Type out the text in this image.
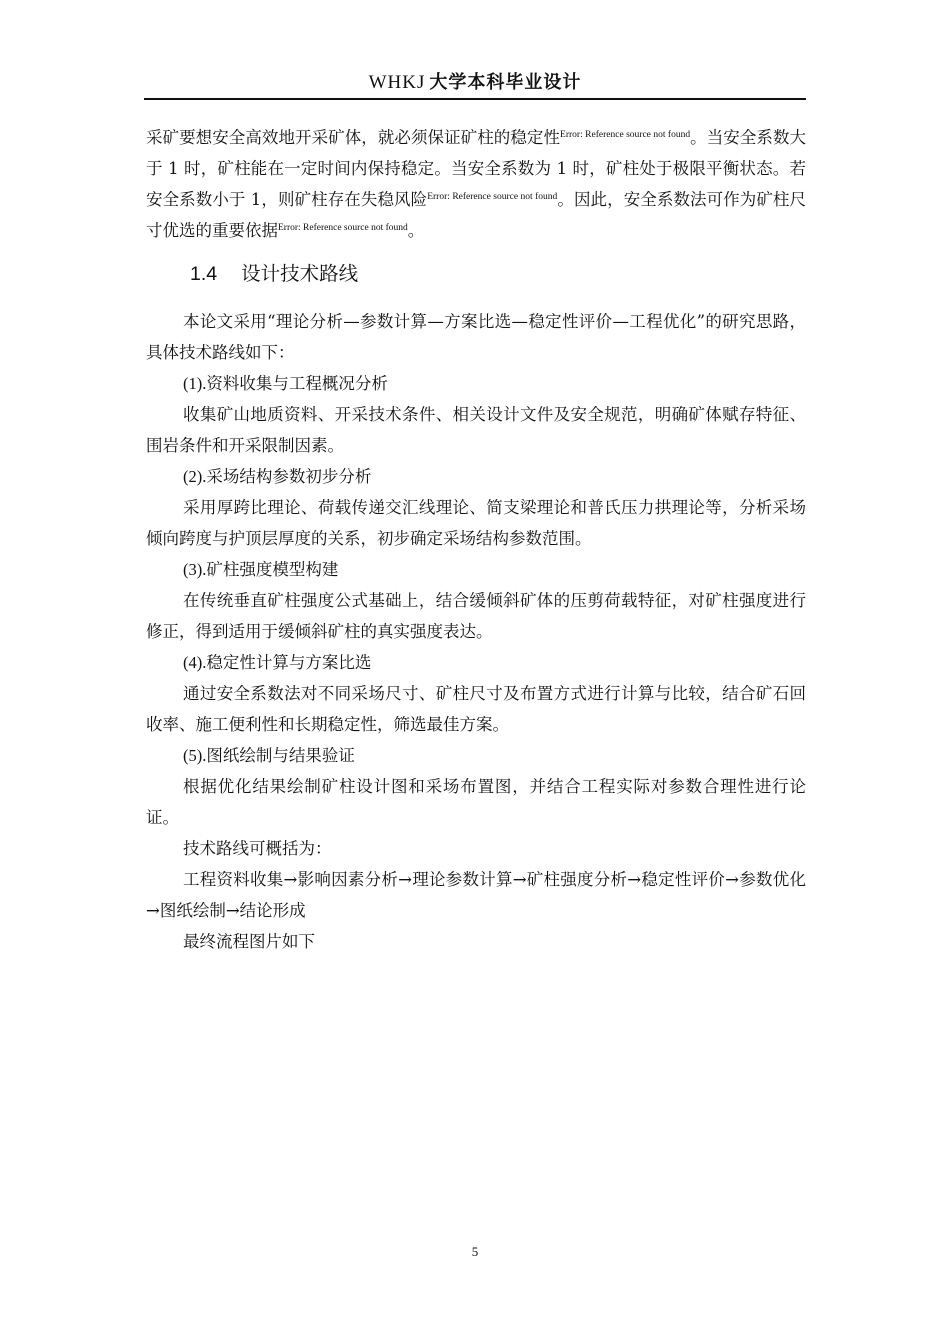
WHKJ 大学本科毕业设计

采矿要想安全高效地开采矿体，就必须保证矿柱的稳定性$^{Error: Reference source not found}$。当安全系数大于 1 时，矿柱能在一定时间内保持稳定。当安全系数为 1 时，矿柱处于极限平衡状态。若安全系数小于 1，则矿柱存在失稳风险$^{Error: Reference source not found}$。因此，安全系数法可作为矿柱尺寸优选的重要依据$^{Error: Reference source not found}$。

1.4 设计技术路线

本论文采用“理论分析—参数计算—方案比选—稳定性评价—工程优化”的研究思路，具体技术路线如下：

(1).资料收集与工程概况分析

收集矿山地质资料、开采技术条件、相关设计文件及安全规范，明确矿体赋存特征、围岩条件和开采限制因素。

(2).采场结构参数初步分析

采用厚跨比理论、荷载传递交汇线理论、简支梁理论和普氏压力拱理论等，分析采场倾向跨度与护顶层厚度的关系，初步确定采场结构参数范围。

(3).矿柱强度模型构建

在传统垂直矿柱强度公式基础上，结合缓倾斜矿体的压剪荷载特征，对矿柱强度进行修正，得到适用于缓倾斜矿柱的真实强度表达。

(4).稳定性计算与方案比选

通过安全系数法对不同采场尺寸、矿柱尺寸及布置方式进行计算与比较，结合矿石回收率、施工便利性和长期稳定性，筛选最佳方案。

(5).图纸绘制与结果验证

根据优化结果绘制矿柱设计图和采场布置图，并结合工程实际对参数合理性进行论证。

技术路线可概括为：

工程资料收集→影响因素分析→理论参数计算→矿柱强度分析→稳定性评价→参数优化→图纸绘制→结论形成

最终流程图片如下

5
